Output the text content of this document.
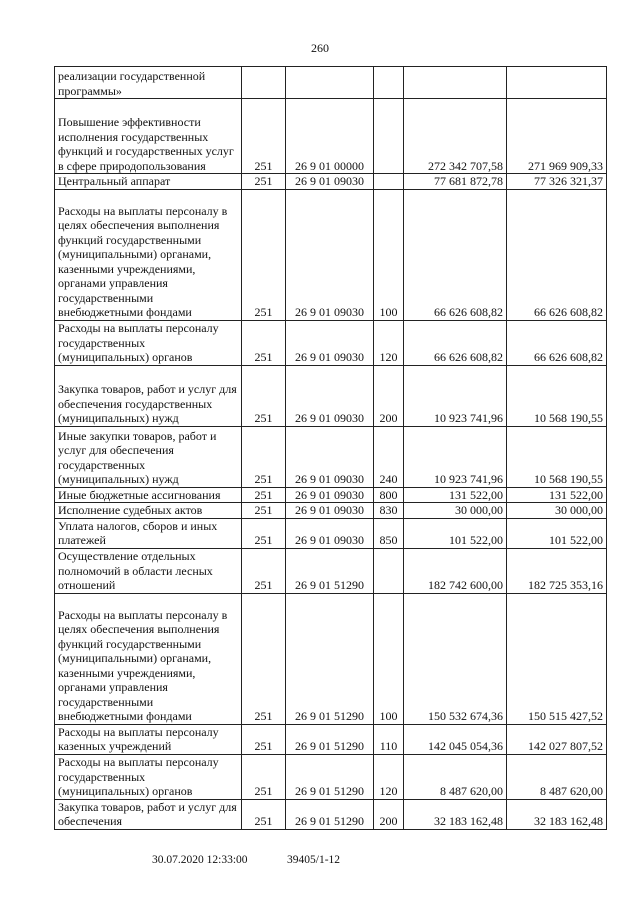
260
реализации государственной программы»					
Повышение эффективности исполнения государственных функций и государственных услуг в сфере природопользования	251	26 9 01 00000		272 342 707,58	271 969 909,33
Центральный аппарат	251	26 9 01 09030		77 681 872,78	77 326 321,37
Расходы на выплаты персоналу в целях обеспечения выполнения функций государственными (муниципальными) органами, казенными учреждениями, органами управления государственными внебюджетными фондами	251	26 9 01 09030	100	66 626 608,82	66 626 608,82
Расходы на выплаты персоналу государственных (муниципальных) органов	251	26 9 01 09030	120	66 626 608,82	66 626 608,82
Закупка товаров, работ и услуг для обеспечения государственных (муниципальных) нужд	251	26 9 01 09030	200	10 923 741,96	10 568 190,55
Иные закупки товаров, работ и услуг для обеспечения государственных (муниципальных) нужд	251	26 9 01 09030	240	10 923 741,96	10 568 190,55
Иные бюджетные ассигнования	251	26 9 01 09030	800	131 522,00	131 522,00
Исполнение судебных актов	251	26 9 01 09030	830	30 000,00	30 000,00
Уплата налогов, сборов и иных платежей	251	26 9 01 09030	850	101 522,00	101 522,00
Осуществление отдельных полномочий в области лесных отношений	251	26 9 01 51290		182 742 600,00	182 725 353,16
Расходы на выплаты персоналу в целях обеспечения выполнения функций государственными (муниципальными) органами, казенными учреждениями, органами управления государственными внебюджетными фондами	251	26 9 01 51290	100	150 532 674,36	150 515 427,52
Расходы на выплаты персоналу казенных учреждений	251	26 9 01 51290	110	142 045 054,36	142 027 807,52
Расходы на выплаты персоналу государственных (муниципальных) органов	251	26 9 01 51290	120	8 487 620,00	8 487 620,00
Закупка товаров, работ и услуг для обеспечения	251	26 9 01 51290	200	32 183 162,48	32 183 162,48
30.07.2020 12:33:00	39405/1-12
